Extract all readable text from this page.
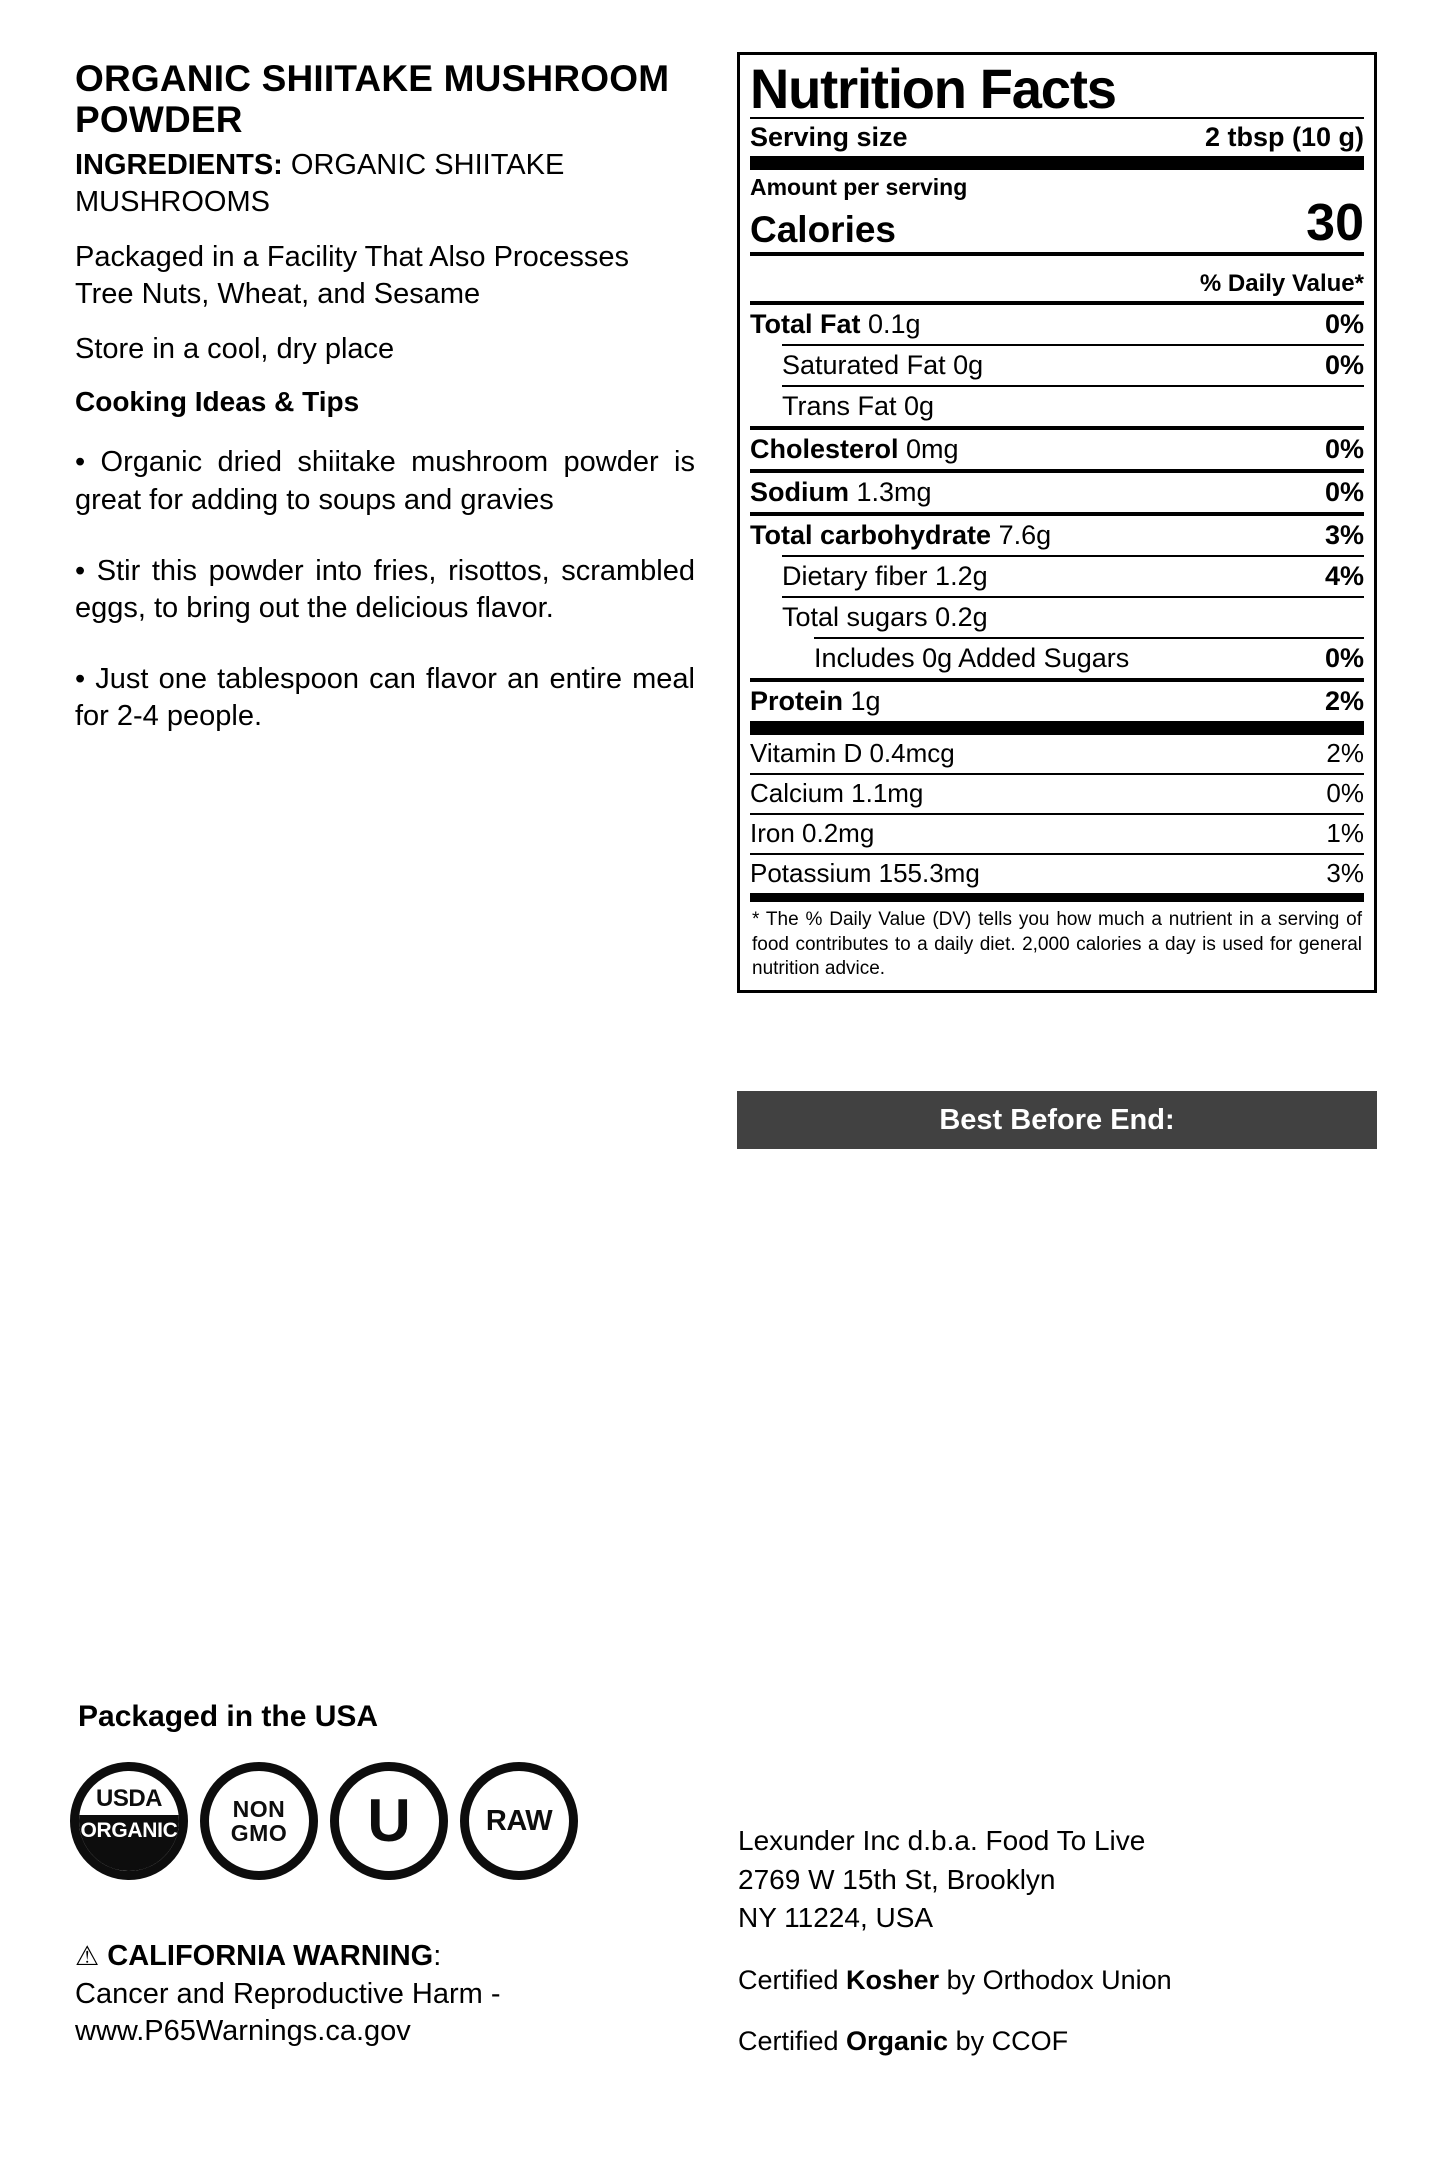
ORGANIC SHIITAKE MUSHROOM POWDER

INGREDIENTS: ORGANIC SHIITAKE MUSHROOMS

Packaged in a Facility That Also Processes Tree Nuts, Wheat, and Sesame

Store in a cool, dry place

Cooking Ideas & Tips

• Organic dried shiitake mushroom powder is great for adding to soups and gravies

• Stir this powder into fries, risottos, scrambled eggs, to bring out the delicious flavor.

• Just one tablespoon can flavor an entire meal for 2-4 people.

Nutrition Facts
Serving size	2 tbsp (10 g)
Amount per serving
Calories	30
% Daily Value*
Total Fat 0.1g	0%
Saturated Fat 0g	0%
Trans Fat 0g
Cholesterol 0mg	0%
Sodium 1.3mg	0%
Total carbohydrate 7.6g	3%
Dietary fiber 1.2g	4%
Total sugars 0.2g
Includes 0g Added Sugars	0%
Protein 1g	2%
Vitamin D 0.4mcg	2%
Calcium 1.1mg	0%
Iron 0.2mg	1%
Potassium 155.3mg	3%
* The % Daily Value (DV) tells you how much a nutrient in a serving of food contributes to a daily diet. 2,000 calories a day is used for general nutrition advice.
Best Before End:
Packaged in the USA
USDA
ORGANIC
NON
GMO U	RAW
⚠ CALIFORNIA WARNING:
Cancer and Reproductive Harm -
www.P65Warnings.ca.gov
Lexunder Inc d.b.a. Food To Live
2769 W 15th St, Brooklyn
NY 11224, USA
Certified Kosher by Orthodox Union
Certified Organic by CCOF
